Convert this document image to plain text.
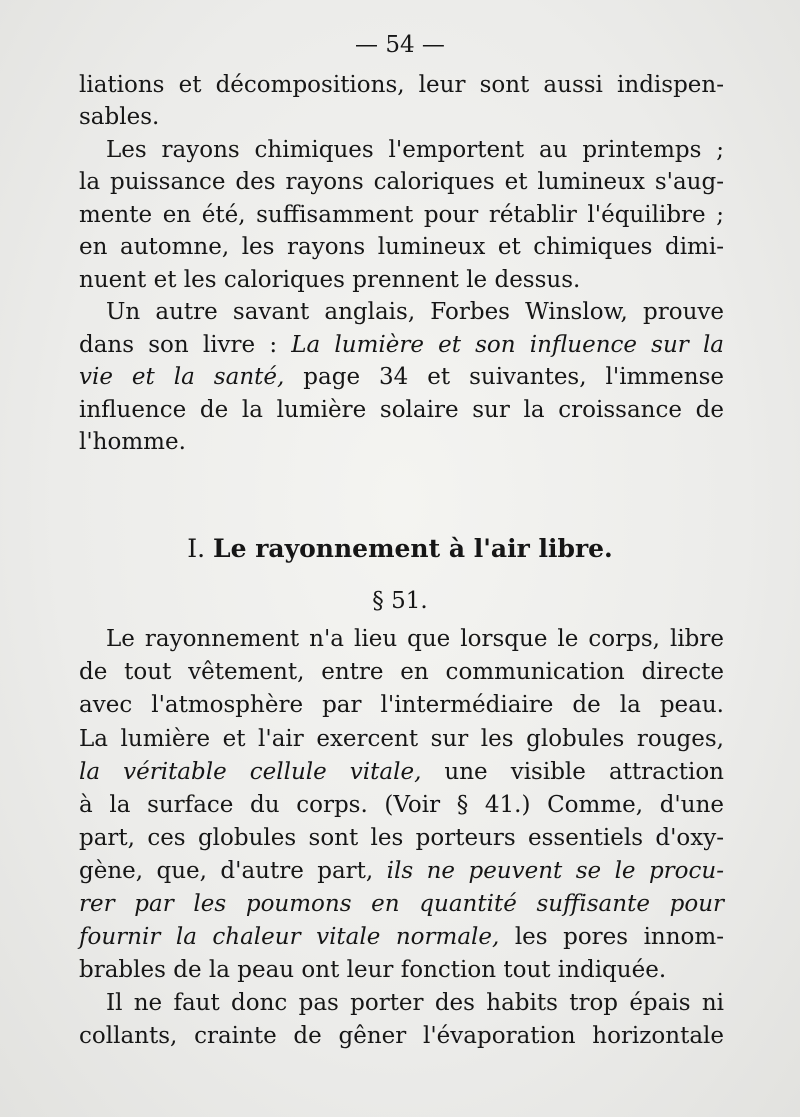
— 54 —

liations et décompositions, leur sont aussi indispen-

sables.

Les rayons chimiques l'emportent au printemps ;

la puissance des rayons caloriques et lumineux s'aug-

mente en été, suffisamment pour rétablir l'équilibre ;

en automne, les rayons lumineux et chimiques dimi-

nuent et les caloriques prennent le dessus.

Un autre savant anglais, Forbes Winslow, prouve

dans son livre : La lumière et son influence sur la

vie et la santé, page 34 et suivantes, l'immense

influence de la lumière solaire sur la croissance de

l'homme.

I. Le rayonnement à l'air libre.
§ 51.

Le rayonnement n'a lieu que lorsque le corps, libre

de tout vêtement, entre en communication directe

avec l'atmosphère par l'intermédiaire de la peau.

La lumière et l'air exercent sur les globules rouges,

la véritable cellule vitale, une visible attraction

à la surface du corps. (Voir § 41.) Comme, d'une

part, ces globules sont les porteurs essentiels d'oxy-

gène, que, d'autre part, ils ne peuvent se le procu-

rer par les poumons en quantité suffisante pour

fournir la chaleur vitale normale, les pores innom-

brables de la peau ont leur fonction tout indiquée.

Il ne faut donc pas porter des habits trop épais ni

collants, crainte de gêner l'évaporation horizontale
